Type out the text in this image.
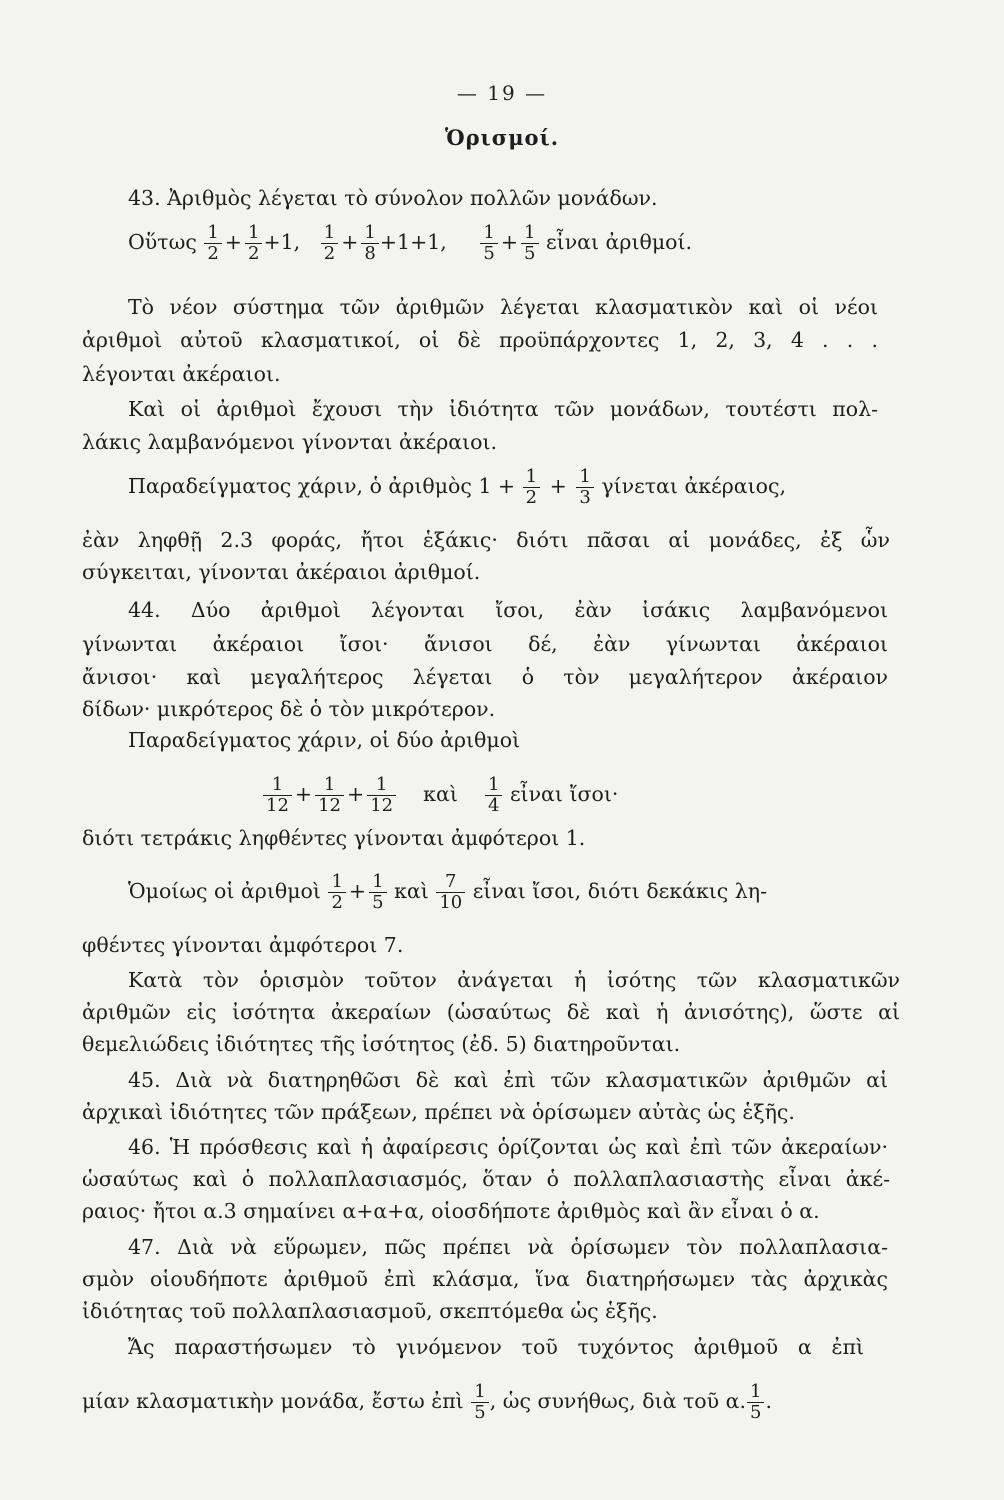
— 19 —
Ὁρισμοί.
43. Ἀριθμὸς λέγεται τὸ σύνολον πολλῶν μονάδων.
Οὕτως $\frac{1}{2} + \frac{1}{2} +1$, $\frac{1}{2} + \frac{1}{8} +1+1$, $\frac{1}{5} + \frac{1}{5}$ εἶναι ἀριθμοί.
Τὸ νέον σύστημα τῶν ἀριθμῶν λέγεται κλασματικὸν καὶ οἱ νέοι
ἀριθμοὶ αὐτοῦ κλασματικοί, οἱ δὲ προϋπάρχοντες 1, 2, 3, 4 . . .
λέγονται ἀκέραιοι.
Καὶ οἱ ἀριθμοὶ ἔχουσι τὴν ἰδιότητα τῶν μονάδων, τουτέστι πολ-
λάκις λαμβανόμενοι γίνονται ἀκέραιοι.
Παραδείγματος χάριν, ὁ ἀριθμὸς $1 + \frac{1}{2} + \frac{1}{3}$ γίνεται ἀκέραιος,
ἐὰν ληφθῇ 2.3 φοράς, ἤτοι ἑξάκις· διότι πᾶσαι αἱ μονάδες, ἐξ ὧν
σύγκειται, γίνονται ἀκέραιοι ἀριθμοί.
44. Δύο ἀριθμοὶ λέγονται ἴσοι, ἐὰν ἰσάκις λαμβανόμενοι
γίνωνται ἀκέραιοι ἴσοι· ἄνισοι δέ, ἐὰν γίνωνται ἀκέραιοι
ἄνισοι· καὶ μεγαλήτερος λέγεται ὁ τὸν μεγαλήτερον ἀκέραιον
δίδων· μικρότερος δὲ ὁ τὸν μικρότερον.
Παραδείγματος χάριν, οἱ δύο ἀριθμοὶ
$\frac{1}{12} + \frac{1}{12} + \frac{1}{12}$ καὶ $\frac{1}{4}$ εἶναι ἴσοι·
διότι τετράκις ληφθέντες γίνονται ἀμφότεροι 1.
Ὁμοίως οἱ ἀριθμοὶ $\frac{1}{2} + \frac{1}{5}$ καὶ $\frac{7}{10}$ εἶναι ἴσοι, διότι δεκάκις λη-
φθέντες γίνονται ἀμφότεροι 7.
Κατὰ τὸν ὁρισμὸν τοῦτον ἀνάγεται ἡ ἰσότης τῶν κλασματικῶν
ἀριθμῶν εἰς ἰσότητα ἀκεραίων (ὡσαύτως δὲ καὶ ἡ ἀνισότης), ὥστε αἱ
θεμελιώδεις ἰδιότητες τῆς ἰσότητος (ἐδ. 5) διατηροῦνται.
45. Διὰ νὰ διατηρηθῶσι δὲ καὶ ἐπὶ τῶν κλασματικῶν ἀριθμῶν αἱ
ἀρχικαὶ ἰδιότητες τῶν πράξεων, πρέπει νὰ ὁρίσωμεν αὐτὰς ὡς ἑξῆς.
46. Ἡ πρόσθεσις καὶ ἡ ἀφαίρεσις ὁρίζονται ὡς καὶ ἐπὶ τῶν ἀκεραίων·
ὡσαύτως καὶ ὁ πολλαπλασιασμός, ὅταν ὁ πολλαπλασιαστὴς εἶναι ἀκέ-
ραιος· ἤτοι α.3 σημαίνει α+α+α, οἱοσδήποτε ἀριθμὸς καὶ ἂν εἶναι ὁ α.
47. Διὰ νὰ εὕρωμεν, πῶς πρέπει νὰ ὁρίσωμεν τὸν πολλαπλασια-
σμὸν οἱουδήποτε ἀριθμοῦ ἐπὶ κλάσμα, ἵνα διατηρήσωμεν τὰς ἀρχικὰς
ἰδιότητας τοῦ πολλαπλασιασμοῦ, σκεπτόμεθα ὡς ἑξῆς.
Ἄς παραστήσωμεν τὸ γινόμενον τοῦ τυχόντος ἀριθμοῦ α ἐπὶ
μίαν κλασματικὴν μονάδα, ἔστω ἐπὶ $\frac{1}{5}$ , ὡς συνήθως, διὰ τοῦ α. $\frac{1}{5}$ .
